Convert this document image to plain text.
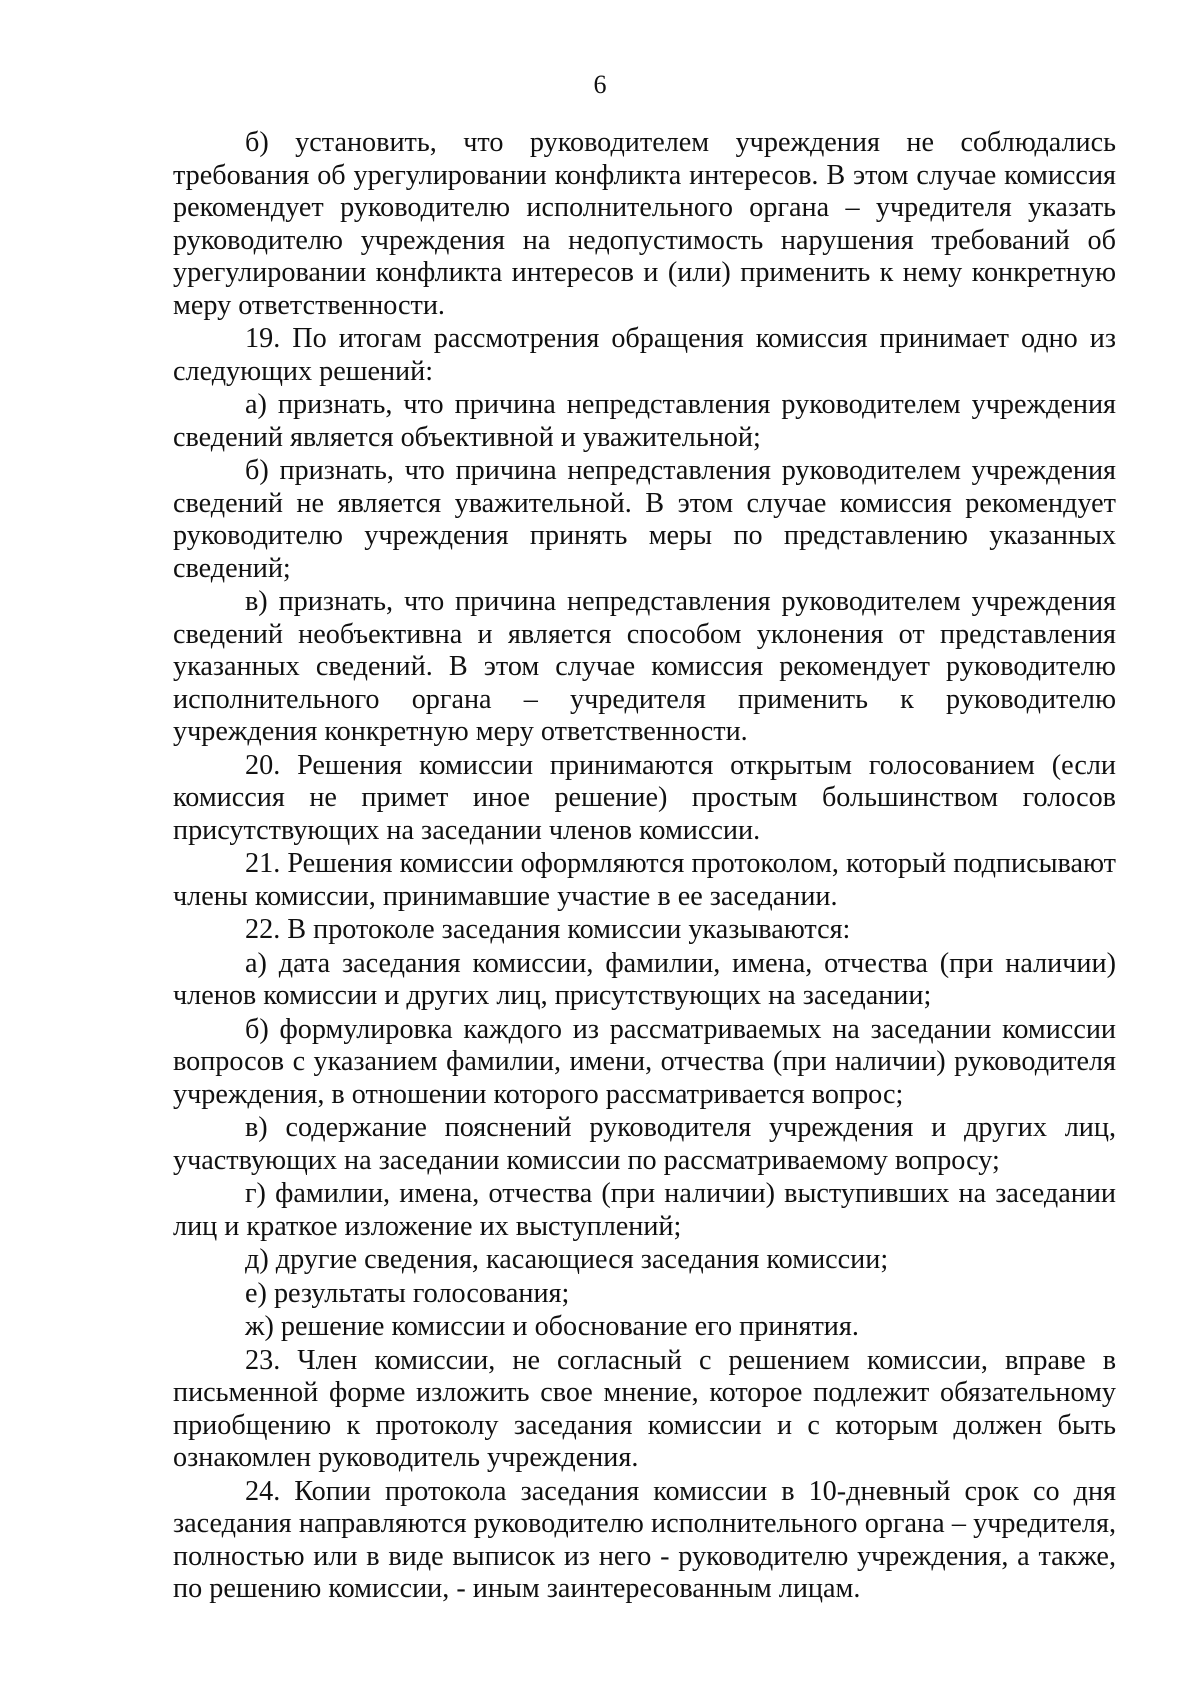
6

б) установить, что руководителем учреждения не соблюдались требования об урегулировании конфликта интересов. В этом случае комиссия рекомендует руководителю исполнительного органа – учредителя указать руководителю учреждения на недопустимость нарушения требований об урегулировании конфликта интересов и (или) применить к нему конкретную меру ответственности.

19. По итогам рассмотрения обращения комиссия принимает одно из следующих решений:

а) признать, что причина непредставления руководителем учреждения сведений является объективной и уважительной;

б) признать, что причина непредставления руководителем учреждения сведений не является уважительной. В этом случае комиссия рекомендует руководителю учреждения принять меры по представлению указанных сведений;

в) признать, что причина непредставления руководителем учреждения сведений необъективна и является способом уклонения от представления указанных сведений. В этом случае комиссия рекомендует руководителю исполнительного органа – учредителя применить к руководителю учреждения конкретную меру ответственности.

20. Решения комиссии принимаются открытым голосованием (если комиссия не примет иное решение) простым большинством голосов присутствующих на заседании членов комиссии.

21. Решения комиссии оформляются протоколом, который подписывают члены комиссии, принимавшие участие в ее заседании.

22. В протоколе заседания комиссии указываются:

а) дата заседания комиссии, фамилии, имена, отчества (при наличии) членов комиссии и других лиц, присутствующих на заседании;

б) формулировка каждого из рассматриваемых на заседании комиссии вопросов с указанием фамилии, имени, отчества (при наличии) руководителя учреждения, в отношении которого рассматривается вопрос;

в) содержание пояснений руководителя учреждения и других лиц, участвующих на заседании комиссии по рассматриваемому вопросу;

г) фамилии, имена, отчества (при наличии) выступивших на заседании лиц и краткое изложение их выступлений;

д) другие сведения, касающиеся заседания комиссии;

е) результаты голосования;

ж) решение комиссии и обоснование его принятия.

23. Член комиссии, не согласный с решением комиссии, вправе в письменной форме изложить свое мнение, которое подлежит обязательному приобщению к протоколу заседания комиссии и с которым должен быть ознакомлен руководитель учреждения.

24. Копии протокола заседания комиссии в 10-дневный срок со дня заседания направляются руководителю исполнительного органа – учредителя, полностью или в виде выписок из него - руководителю учреждения, а также, по решению комиссии, - иным заинтересованным лицам.
